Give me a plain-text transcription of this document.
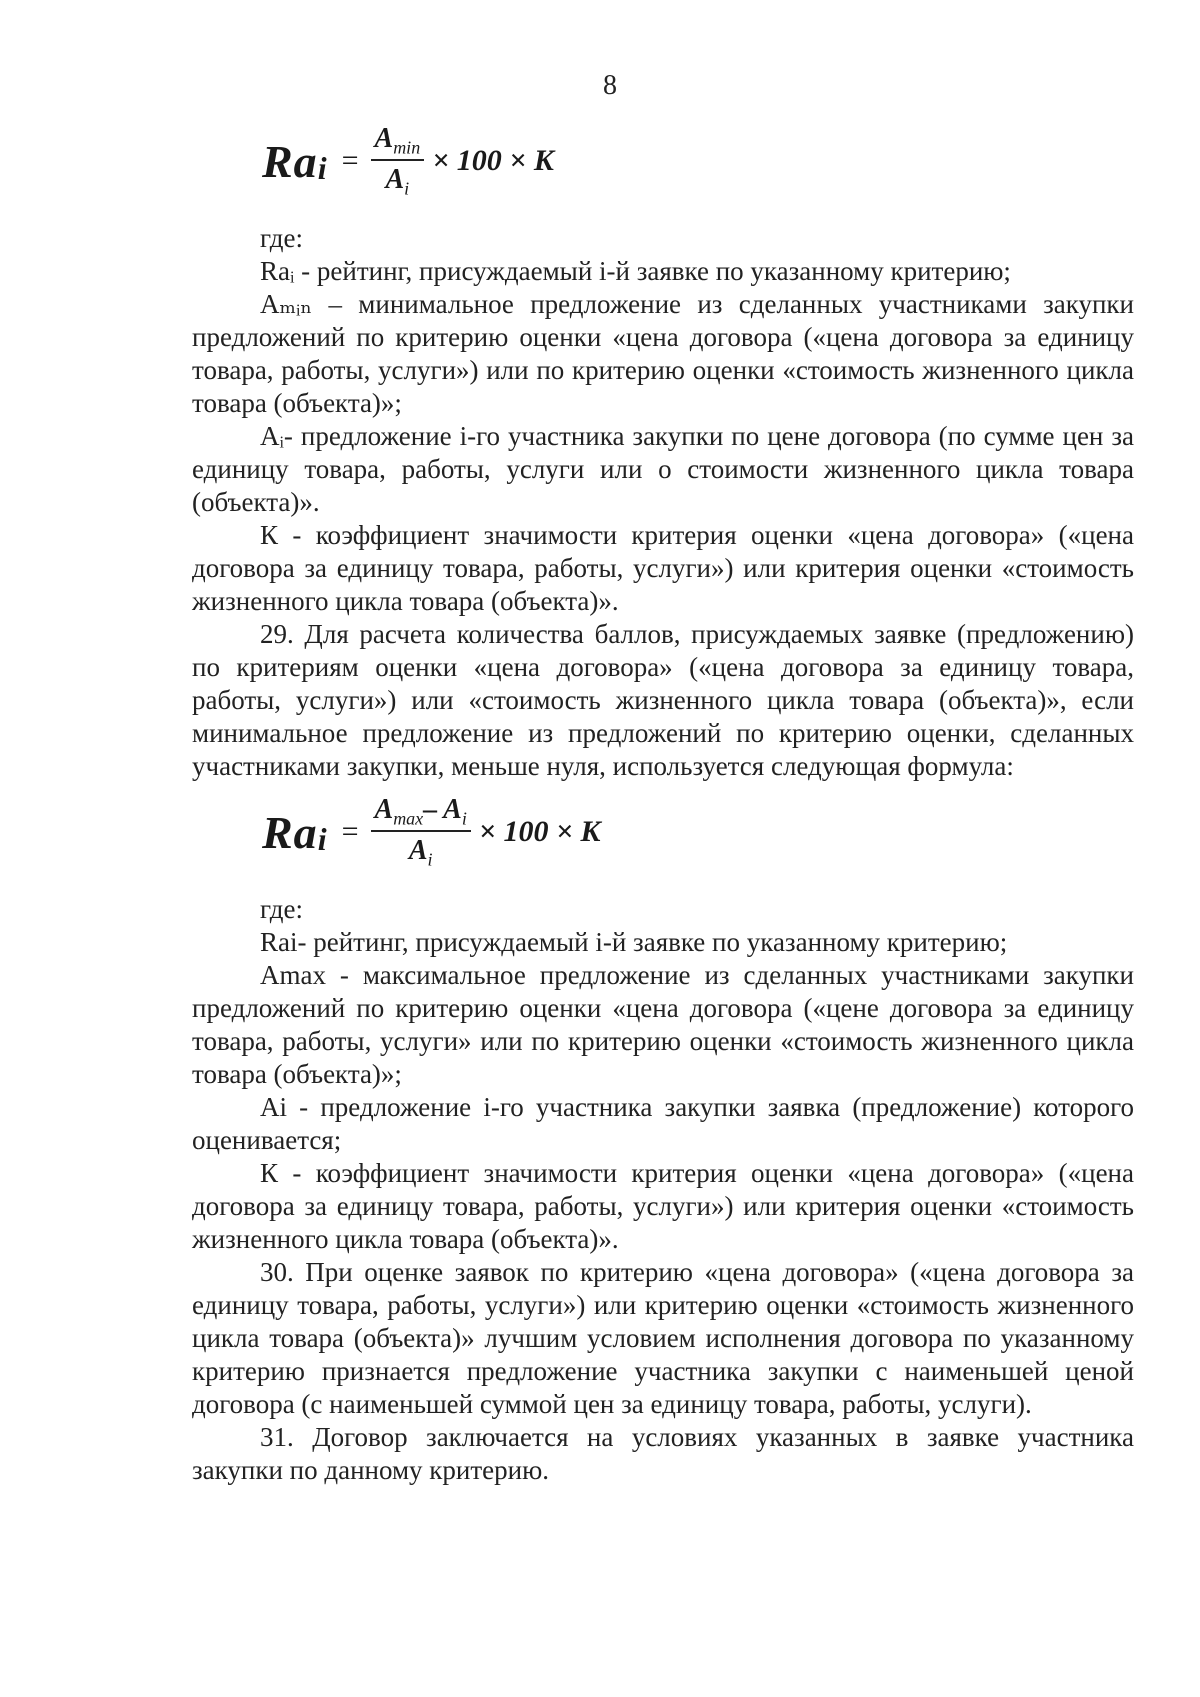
8
$Ra_i = \frac{A_{min}}{A_i} \times 100 \times K$

где:

Raᵢ - рейтинг, присуждаемый i-й заявке по указанному критерию;

Aₘᵢₙ – минимальное предложение из сделанных участниками закупки предложений по критерию оценки «цена договора («цена договора за единицу товара, работы, услуги») или по критерию оценки «стоимость жизненного цикла товара (объекта)»;

Aᵢ- предложение i-го участника закупки по цене договора (по сумме цен за единицу товара, работы, услуги или о стоимости жизненного цикла товара (объекта)».

К - коэффициент значимости критерия оценки «цена договора» («цена договора за единицу товара, работы, услуги») или критерия оценки «стоимость жизненного цикла товара (объекта)».

29. Для расчета количества баллов, присуждаемых заявке (предложению) по критериям оценки «цена договора» («цена договора за единицу товара, работы, услуги») или «стоимость жизненного цикла товара (объекта)», если минимальное предложение из предложений по критерию оценки, сделанных участниками закупки, меньше нуля, используется следующая формула:

$Ra_i = \frac{A_{max}- A_i}{A_i} \times 100 \times K$

где:

Rai- рейтинг, присуждаемый i-й заявке по указанному критерию;

Amax - максимальное предложение из сделанных участниками закупки предложений по критерию оценки «цена договора («цене договора за единицу товара, работы, услуги» или по критерию оценки «стоимость жизненного цикла товара (объекта)»;

Ai - предложение i-го участника закупки заявка (предложение) которого оценивается;

К - коэффициент значимости критерия оценки «цена договора» («цена договора за единицу товара, работы, услуги») или критерия оценки «стоимость жизненного цикла товара (объекта)».

30. При оценке заявок по критерию «цена договора» («цена договора за единицу товара, работы, услуги») или критерию оценки «стоимость жизненного цикла товара (объекта)» лучшим условием исполнения договора по указанному критерию признается предложение участника закупки с наименьшей ценой договора (с наименьшей суммой цен за единицу товара, работы, услуги).

31. Договор заключается на условиях указанных в заявке участника закупки по данному критерию.
